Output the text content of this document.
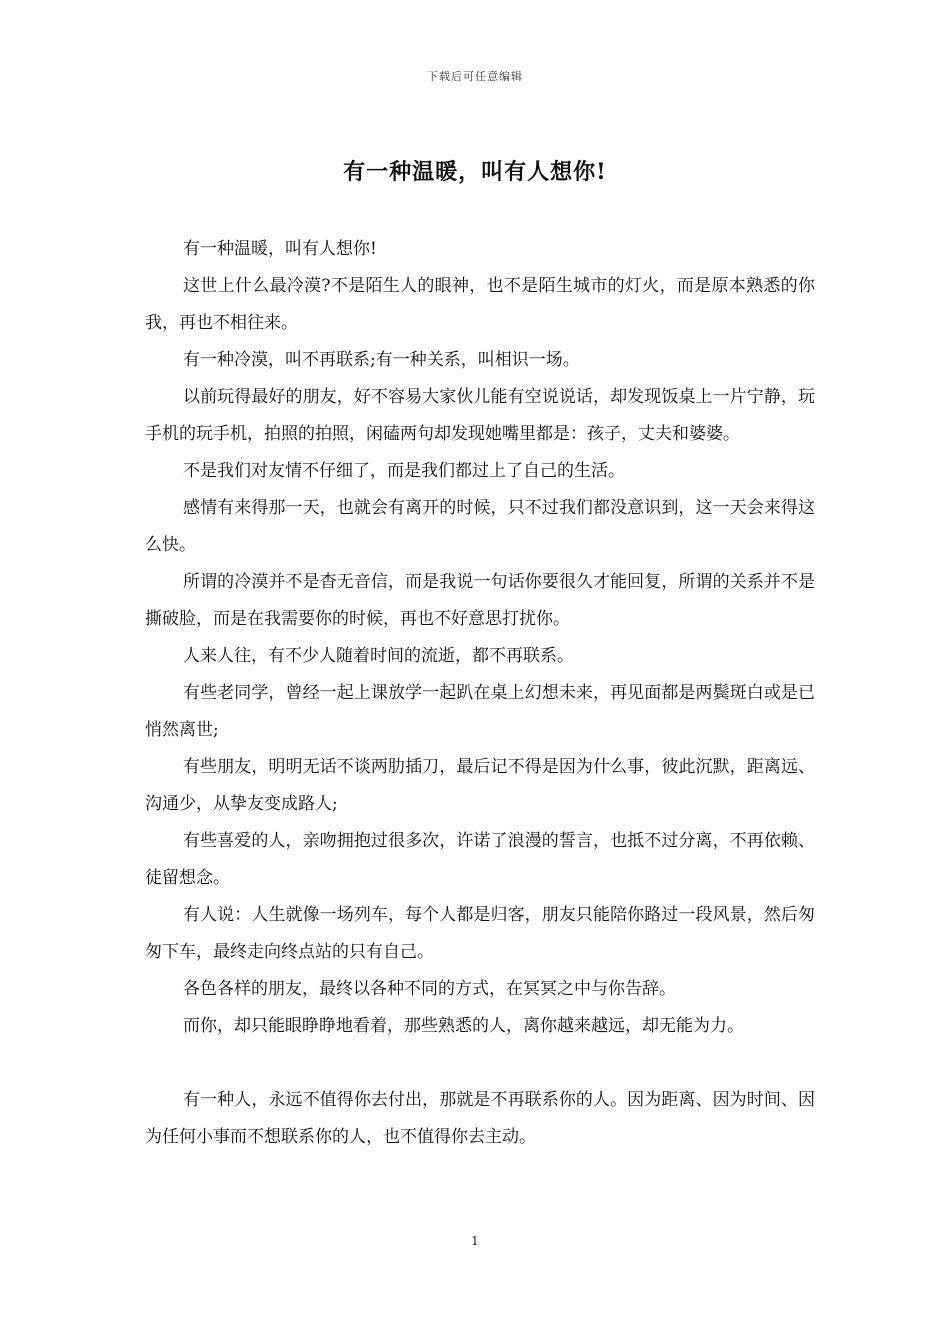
下载后可任意编辑
有一种温暖，叫有人想你!

有一种温暖，叫有人想你!

这世上什么最冷漠?不是陌生人的眼神，也不是陌生城市的灯火，而是原本熟悉的你我，再也不相往来。

有一种冷漠，叫不再联系;有一种关系，叫相识一场。

以前玩得最好的朋友，好不容易大家伙儿能有空说说话，却发现饭桌上一片宁静，玩手机的玩手机，拍照的拍照，闲磕两句却发现她嘴里都是：孩子，丈夫和婆婆。

不是我们对友情不仔细了，而是我们都过上了自己的生活。

感情有来得那一天，也就会有离开的时候，只不过我们都没意识到，这一天会来得这么快。

所谓的冷漠并不是杳无音信，而是我说一句话你要很久才能回复，所谓的关系并不是撕破脸，而是在我需要你的时候，再也不好意思打扰你。

人来人往，有不少人随着时间的流逝，都不再联系。

有些老同学，曾经一起上课放学一起趴在桌上幻想未来，再见面都是两鬓斑白或是已悄然离世;

有些朋友，明明无话不谈两肋插刀，最后记不得是因为什么事，彼此沉默，距离远、沟通少，从挚友变成路人;

有些喜爱的人，亲吻拥抱过很多次，许诺了浪漫的誓言，也抵不过分离，不再依赖、徒留想念。

有人说：人生就像一场列车，每个人都是归客，朋友只能陪你路过一段风景，然后匆匆下车，最终走向终点站的只有自己。

各色各样的朋友，最终以各种不同的方式，在冥冥之中与你告辞。

而你，却只能眼睁睁地看着，那些熟悉的人，离你越来越远，却无能为力。

有一种人，永远不值得你去付出，那就是不再联系你的人。因为距离、因为时间、因为任何小事而不想联系你的人，也不值得你去主动。

1
